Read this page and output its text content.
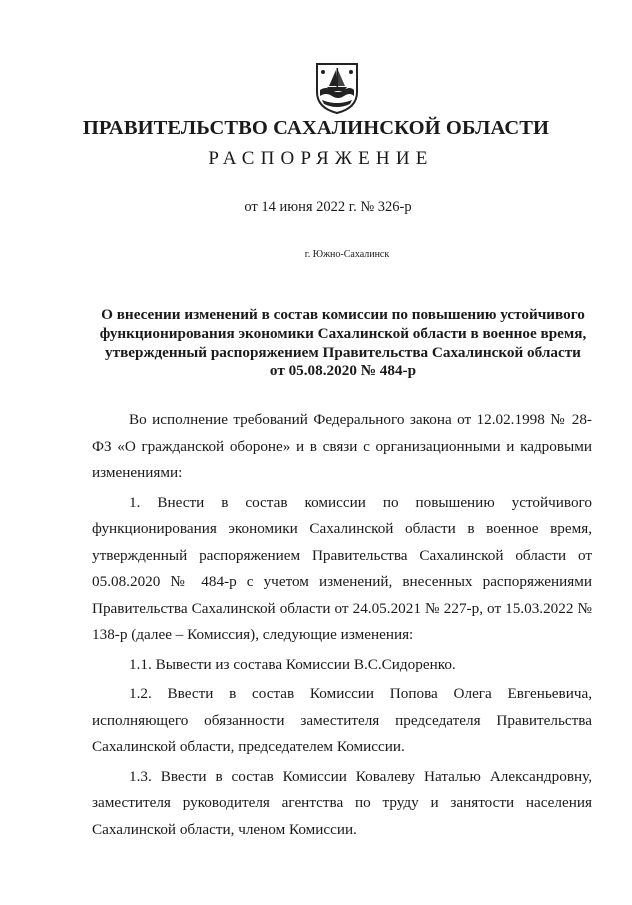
ПРАВИТЕЛЬСТВО САХАЛИНСКОЙ ОБЛАСТИ
РАСПОРЯЖЕНИЕ
от 14 июня 2022 г. № 326-р
г. Южно-Сахалинск
О внесении изменений в состав комиссии по повышению устойчивого
функционирования экономики Сахалинской области в военное время,
утвержденный распоряжением Правительства Сахалинской области
от 05.08.2020 № 484-р

Во исполнение требований Федерального закона от 12.02.1998 № 28-ФЗ «О гражданской обороне» и в связи с организационными и кадровыми изменениями:

1. Внести в состав комиссии по повышению устойчивого функционирования экономики Сахалинской области в военное время, утвержденный распоряжением Правительства Сахалинской области от 05.08.2020 № 484-р с учетом изменений, внесенных распоряжениями Правительства Сахалинской области от 24.05.2021 № 227-р, от 15.03.2022 № 138-р (далее – Комиссия), следующие изменения:

1.1. Вывести из состава Комиссии В.С.Сидоренко.

1.2. Ввести в состав Комиссии Попова Олега Евгеньевича, исполняющего обязанности заместителя председателя Правительства Сахалинской области, председателем Комиссии.

1.3. Ввести в состав Комиссии Ковалеву Наталью Александровну, заместителя руководителя агентства по труду и занятости населения Сахалинской области, членом Комиссии.
